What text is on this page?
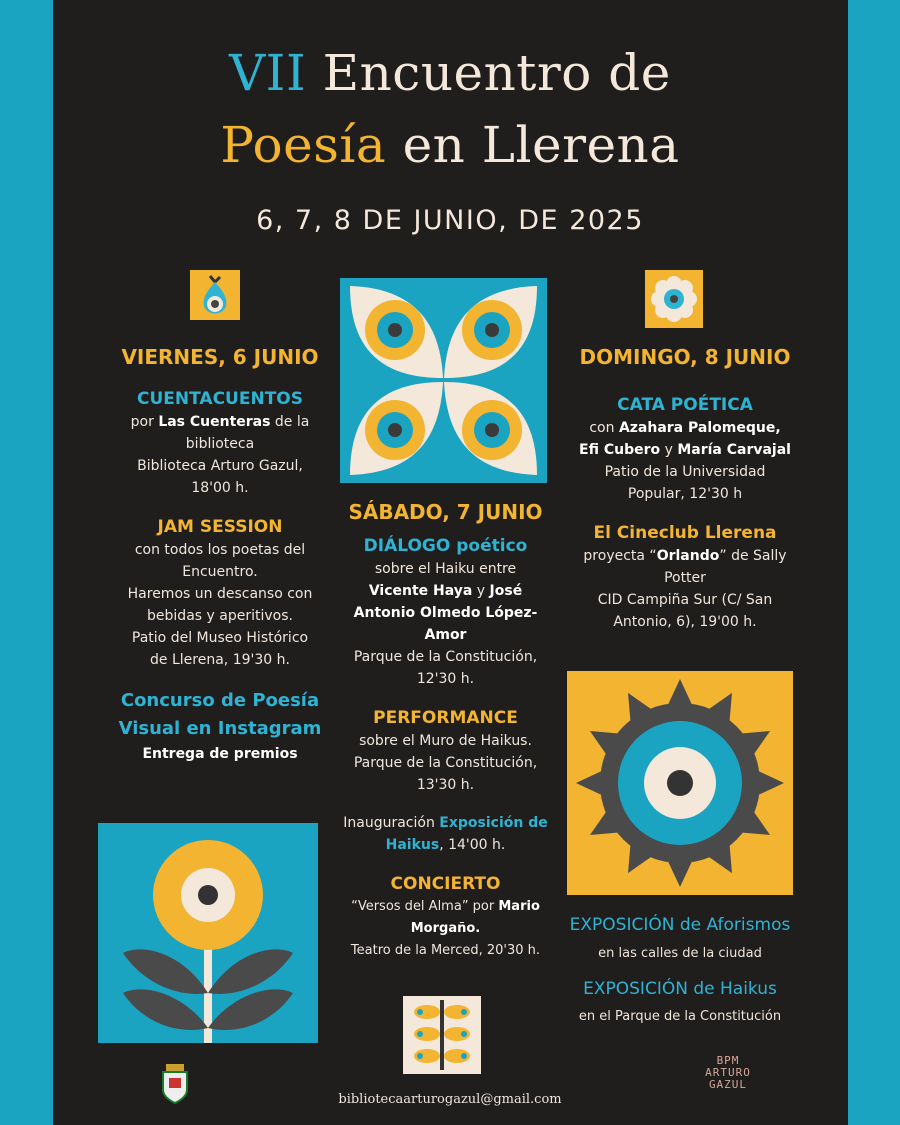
VII Encuentro de
Poesía en Llerena
6, 7, 8 DE JUNIO, DE 2025
VIERNES, 6 JUNIO
CUENTACUENTOS
por Las Cuenteras de la biblioteca
Biblioteca Arturo Gazul,
18'00 h.
JAM SESSION
con todos los poetas del Encuentro.
Haremos un descanso con bebidas y aperitivos.
Patio del Museo Histórico de Llerena, 19'30 h.
Concurso de Poesía Visual en Instagram
Entrega de premios
SÁBADO, 7 JUNIO
DIÁLOGO poético
sobre el Haiku entre
Vicente Haya y José Antonio Olmedo López-Amor
Parque de la Constitución,
12'30 h.
PERFORMANCE
sobre el Muro de Haikus.
Parque de la Constitución,
13'30 h.
Inauguración Exposición de Haikus, 14'00 h.
CONCIERTO
“Versos del Alma” por Mario Morgaño.
Teatro de la Merced, 20'30 h.
DOMINGO, 8 JUNIO
CATA POÉTICA
con Azahara Palomeque,
Efi Cubero y María Carvajal
Patio de la Universidad Popular, 12'30 h
El Cineclub Llerena
proyecta “Orlando” de Sally Potter
CID Campiña Sur (C/ San Antonio, 6), 19'00 h.
EXPOSICIÓN de Aforismos
en las calles de la ciudad
EXPOSICIÓN de Haikus
en el Parque de la Constitución
bibliotecaarturogazul@gmail.com
BPM ARTURO GAZUL
